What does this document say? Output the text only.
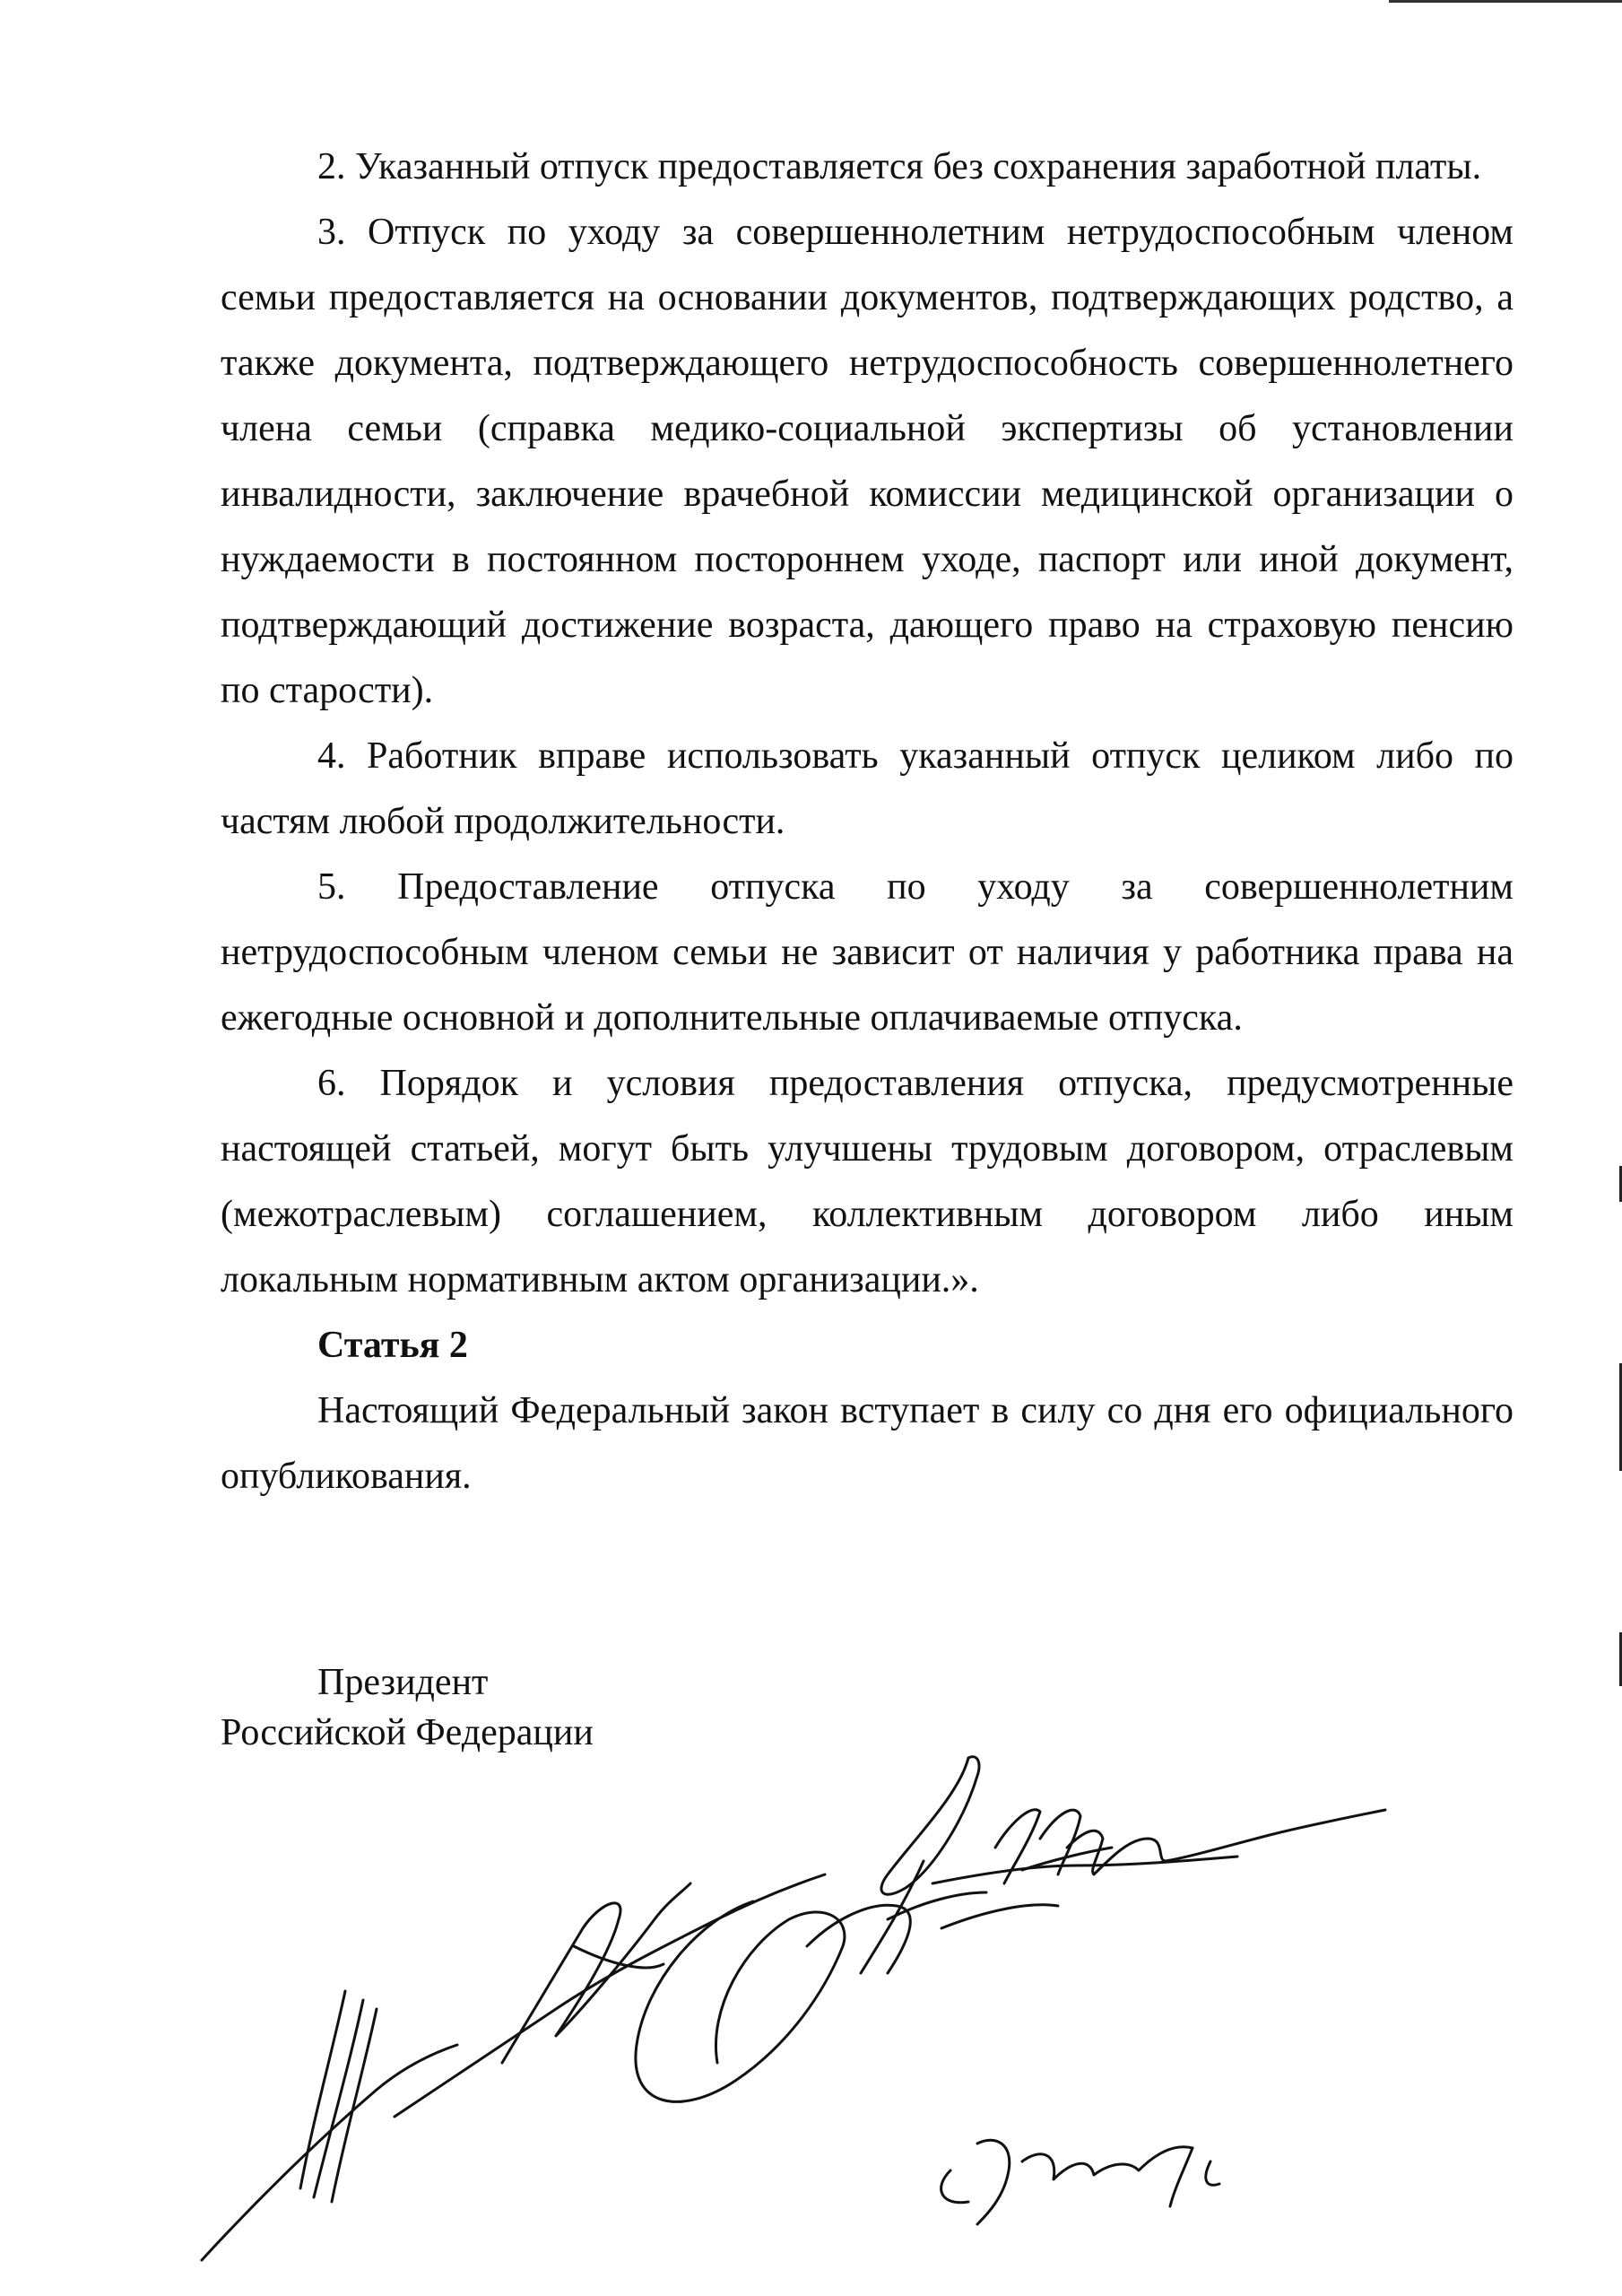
2. Указанный отпуск предоставляется без сохранения заработной платы.

3. Отпуск по уходу за совершеннолетним нетрудоспособным членом семьи предоставляется на основании документов, подтверждающих родство, а также документа, подтверждающего нетрудоспособность совершеннолетнего члена семьи (справка медико-социальной экспертизы об установлении инвалидности, заключение врачебной комиссии медицинской организации о нуждаемости в постоянном постороннем уходе, паспорт или иной документ, подтверждающий достижение возраста, дающего право на страховую пенсию по старости).

4. Работник вправе использовать указанный отпуск целиком либо по частям любой продолжительности.

5. Предоставление отпуска по уходу за совершеннолетним нетрудоспособным членом семьи не зависит от наличия у работника права на ежегодные основной и дополнительные оплачиваемые отпуска.

6. Порядок и условия предоставления отпуска, предусмотренные настоящей статьей, могут быть улучшены трудовым договором, отраслевым (межотраслевым) соглашением, коллективным договором либо иным локальным нормативным актом организации.».

Статья 2

Настоящий Федеральный закон вступает в силу со дня его официального опубликования.

Президент
Российской Федерации
